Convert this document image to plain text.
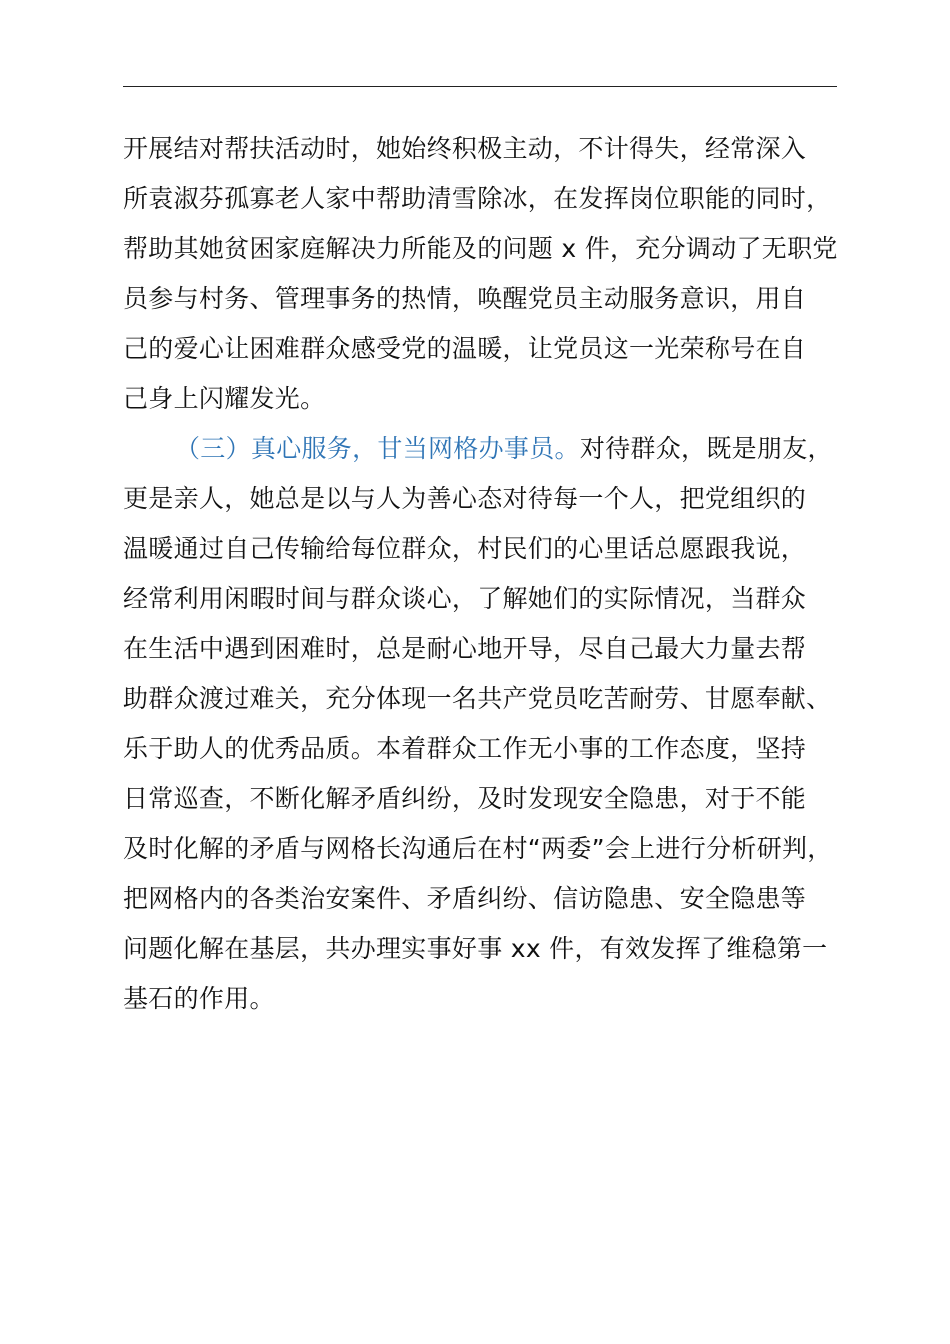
开展结对帮扶活动时，她始终积极主动，不计得失，经常深入
所袁淑芬孤寡老人家中帮助清雪除冰，在发挥岗位职能的同时，
帮助其她贫困家庭解决力所能及的问题 x 件，充分调动了无职党
员参与村务、管理事务的热情，唤醒党员主动服务意识，用自
己的爱心让困难群众感受党的温暖，让党员这一光荣称号在自
己身上闪耀发光。
（三）真心服务，甘当网格办事员。对待群众，既是朋友，
更是亲人，她总是以与人为善心态对待每一个人，把党组织的
温暖通过自己传输给每位群众，村民们的心里话总愿跟我说，
经常利用闲暇时间与群众谈心，了解她们的实际情况，当群众
在生活中遇到困难时，总是耐心地开导，尽自己最大力量去帮
助群众渡过难关，充分体现一名共产党员吃苦耐劳、甘愿奉献、
乐于助人的优秀品质。本着群众工作无小事的工作态度，坚持
日常巡查，不断化解矛盾纠纷，及时发现安全隐患，对于不能
及时化解的矛盾与网格长沟通后在村“两委”会上进行分析研判，
把网格内的各类治安案件、矛盾纠纷、信访隐患、安全隐患等
问题化解在基层，共办理实事好事 xx 件，有效发挥了维稳第一
基石的作用。
